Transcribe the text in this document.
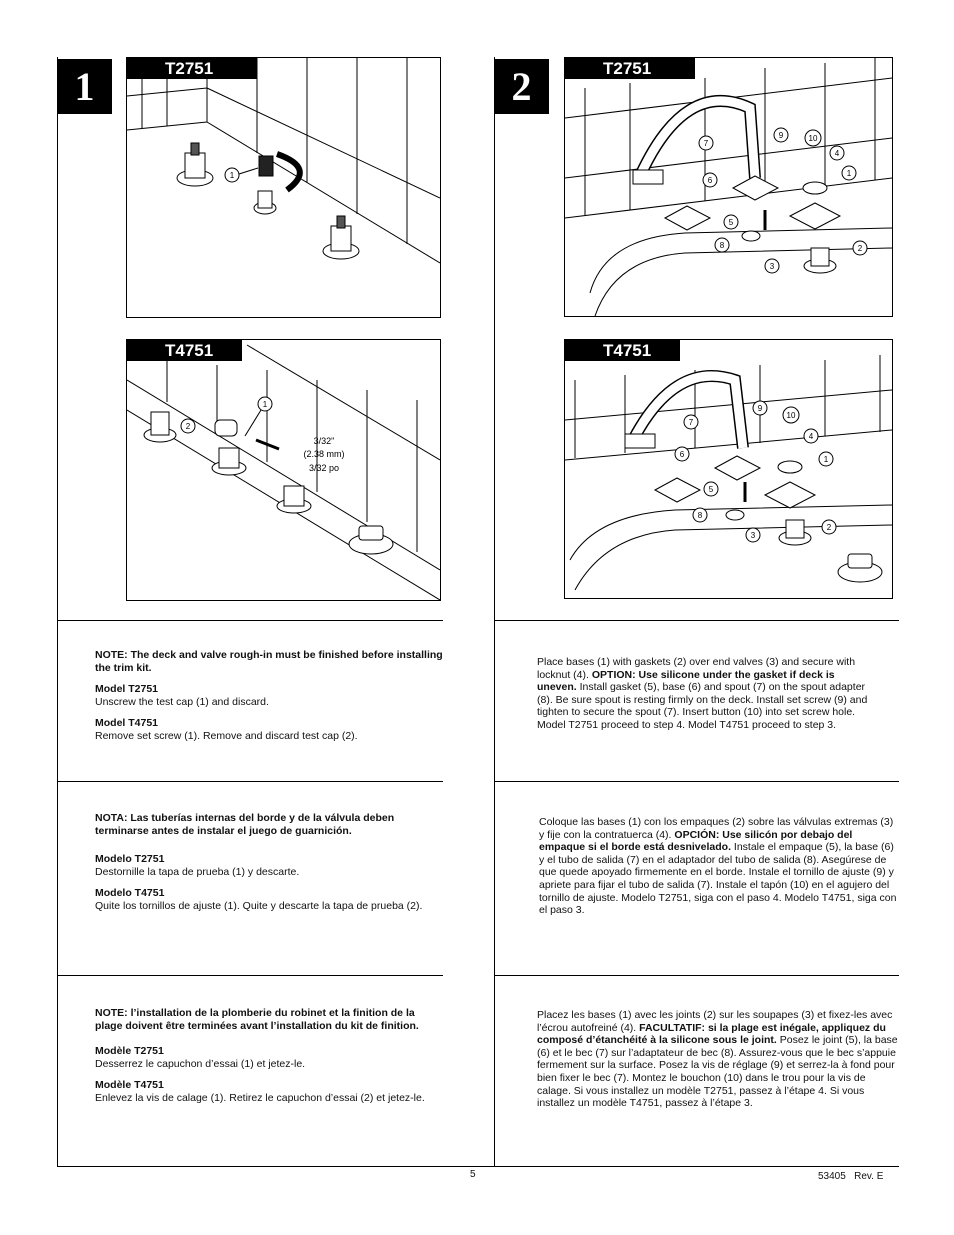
1	2
1
T2751
1
2
3/32"
(2.38 mm)
3/32 po
T4751
7
6
5
8
3
9	10
4
1
2
T2751
7
6
5
8
3
9
10
4
1
2
T4751

NOTE: The deck and valve rough-in must be finished before installing the trim kit.

Model T2751

Unscrew the test cap (1) and discard.

Model T4751

Remove set screw (1). Remove and discard test cap (2).

Place bases (1) with gaskets (2) over end valves (3) and secure with locknut (4). OPTION: Use silicone under the gasket if deck is uneven. Install gasket (5), base (6) and spout (7) on the spout adapter (8). Be sure spout is resting firmly on the deck. Install set screw (9) and tighten to secure the spout (7). Insert button (10) into set screw hole. Model T2751 proceed to step 4. Model T4751 proceed to step 3.

NOTA: Las tuberías internas del borde y de la válvula deben terminarse antes de instalar el juego de guarnición.

Modelo T2751

Destornille la tapa de prueba (1) y descarte.

Modelo T4751

Quite los tornillos de ajuste (1). Quite y descarte la tapa de prueba (2).

Coloque las bases (1) con los empaques (2) sobre las válvulas extremas (3) y fije con la contratuerca (4). OPCIÓN: Use silicón por debajo del empaque si el borde está desnivelado. Instale el empaque (5), la base (6) y el tubo de salida (7) en el adaptador del tubo de salida (8). Asegúrese de que quede apoyado firmemente en el borde. Instale el tornillo de ajuste (9) y apriete para fijar el tubo de salida (7). Instale el tapón (10) en el agujero del tornillo de ajuste. Modelo T2751, siga con el paso 4. Modelo T4751, siga con el paso 3.

NOTE: l’installation de la plomberie du robinet et la finition de la plage doivent être terminées avant l’installation du kit de finition.

Modèle T2751

Desserrez le capuchon d’essai (1) et jetez-le.

Modèle T4751

Enlevez la vis de calage (1). Retirez le capuchon d’essai (2) et jetez-le.

Placez les bases (1) avec les joints (2) sur les soupapes (3) et fixez-les avec l’écrou autofreiné (4). FACULTATIF: si la plage est inégale, appliquez du composé d’étanchéité à la silicone sous le joint. Posez le joint (5), la base (6) et le bec (7) sur l’adaptateur de bec (8). Assurez-vous que le bec s’appuie fermement sur la surface. Posez la vis de réglage (9) et serrez-la à fond pour bien fixer le bec (7). Montez le bouchon (10) dans le trou pour la vis de calage. Si vous installez un modèle T2751, passez à l’étape 4. Si vous installez un modèle T4751, passez à l’étape 3.

5	53405   Rev. E
